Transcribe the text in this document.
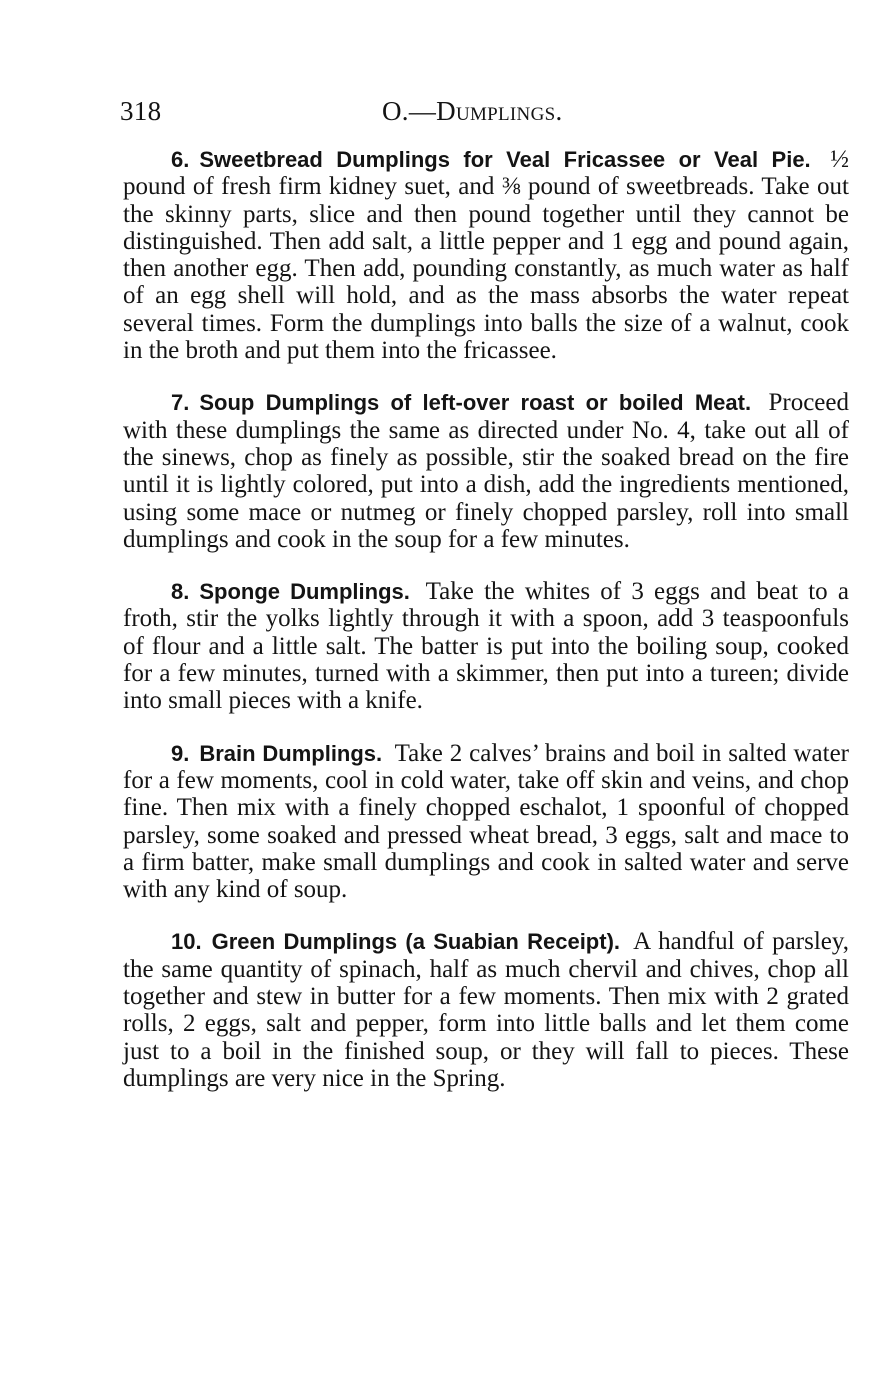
318	O.—Dumplings.

6. Sweetbread Dumplings for Veal Fricassee or Veal Pie. ½ pound of fresh firm kidney suet, and ⅜ pound of sweetbreads. Take out the skinny parts, slice and then pound together until they cannot be distinguished. Then add salt, a little pepper and 1 egg and pound again, then another egg. Then add, pounding constantly, as much water as half of an egg shell will hold, and as the mass absorbs the water repeat several times. Form the dumplings into balls the size of a walnut, cook in the broth and put them into the fricassee.

7. Soup Dumplings of left-over roast or boiled Meat. Proceed with these dumplings the same as directed under No. 4, take out all of the sinews, chop as finely as possible, stir the soaked bread on the fire until it is lightly colored, put into a dish, add the ingredients mentioned, using some mace or nutmeg or finely chopped parsley, roll into small dumplings and cook in the soup for a few minutes.

8. Sponge Dumplings. Take the whites of 3 eggs and beat to a froth, stir the yolks lightly through it with a spoon, add 3 teaspoonfuls of flour and a little salt. The batter is put into the boiling soup, cooked for a few minutes, turned with a skimmer, then put into a tureen; divide into small pieces with a knife.

9. Brain Dumplings. Take 2 calves’ brains and boil in salted water for a few moments, cool in cold water, take off skin and veins, and chop fine. Then mix with a finely chopped eschalot, 1 spoonful of chopped parsley, some soaked and pressed wheat bread, 3 eggs, salt and mace to a firm batter, make small dumplings and cook in salted water and serve with any kind of soup.

10. Green Dumplings (a Suabian Receipt). A handful of parsley, the same quantity of spinach, half as much chervil and chives, chop all together and stew in butter for a few moments. Then mix with 2 grated rolls, 2 eggs, salt and pepper, form into little balls and let them come just to a boil in the finished soup, or they will fall to pieces. These dumplings are very nice in the Spring.
